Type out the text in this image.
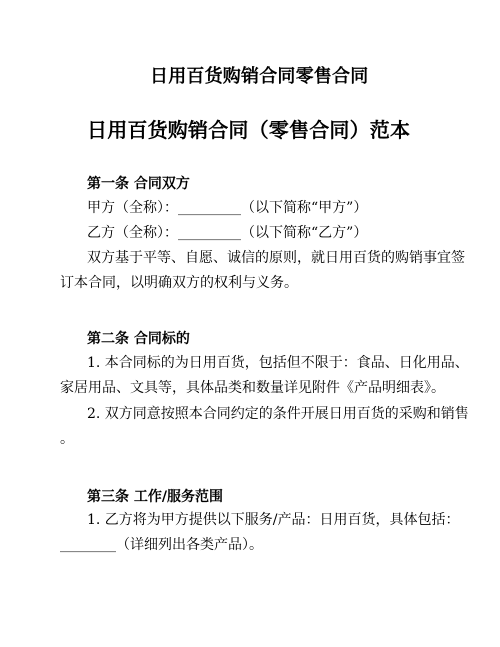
日用百货购销合同零售合同
日用百货购销合同（零售合同）范本
第一条 合同双方
甲方（全称）：_________（以下简称“甲方”）
乙方（全称）：_________（以下简称“乙方”）
双方基于平等、自愿、诚信的原则，就日用百货的购销事宜签
订本合同，以明确双方的权利与义务。
第二条 合同标的
1. 本合同标的为日用百货，包括但不限于：食品、日化用品、
家居用品、文具等，具体品类和数量详见附件《产品明细表》。
2. 双方同意按照本合同约定的条件开展日用百货的采购和销售
。
第三条 工作/服务范围
1. 乙方将为甲方提供以下服务/产品：日用百货，具体包括：
________（详细列出各类产品）。
